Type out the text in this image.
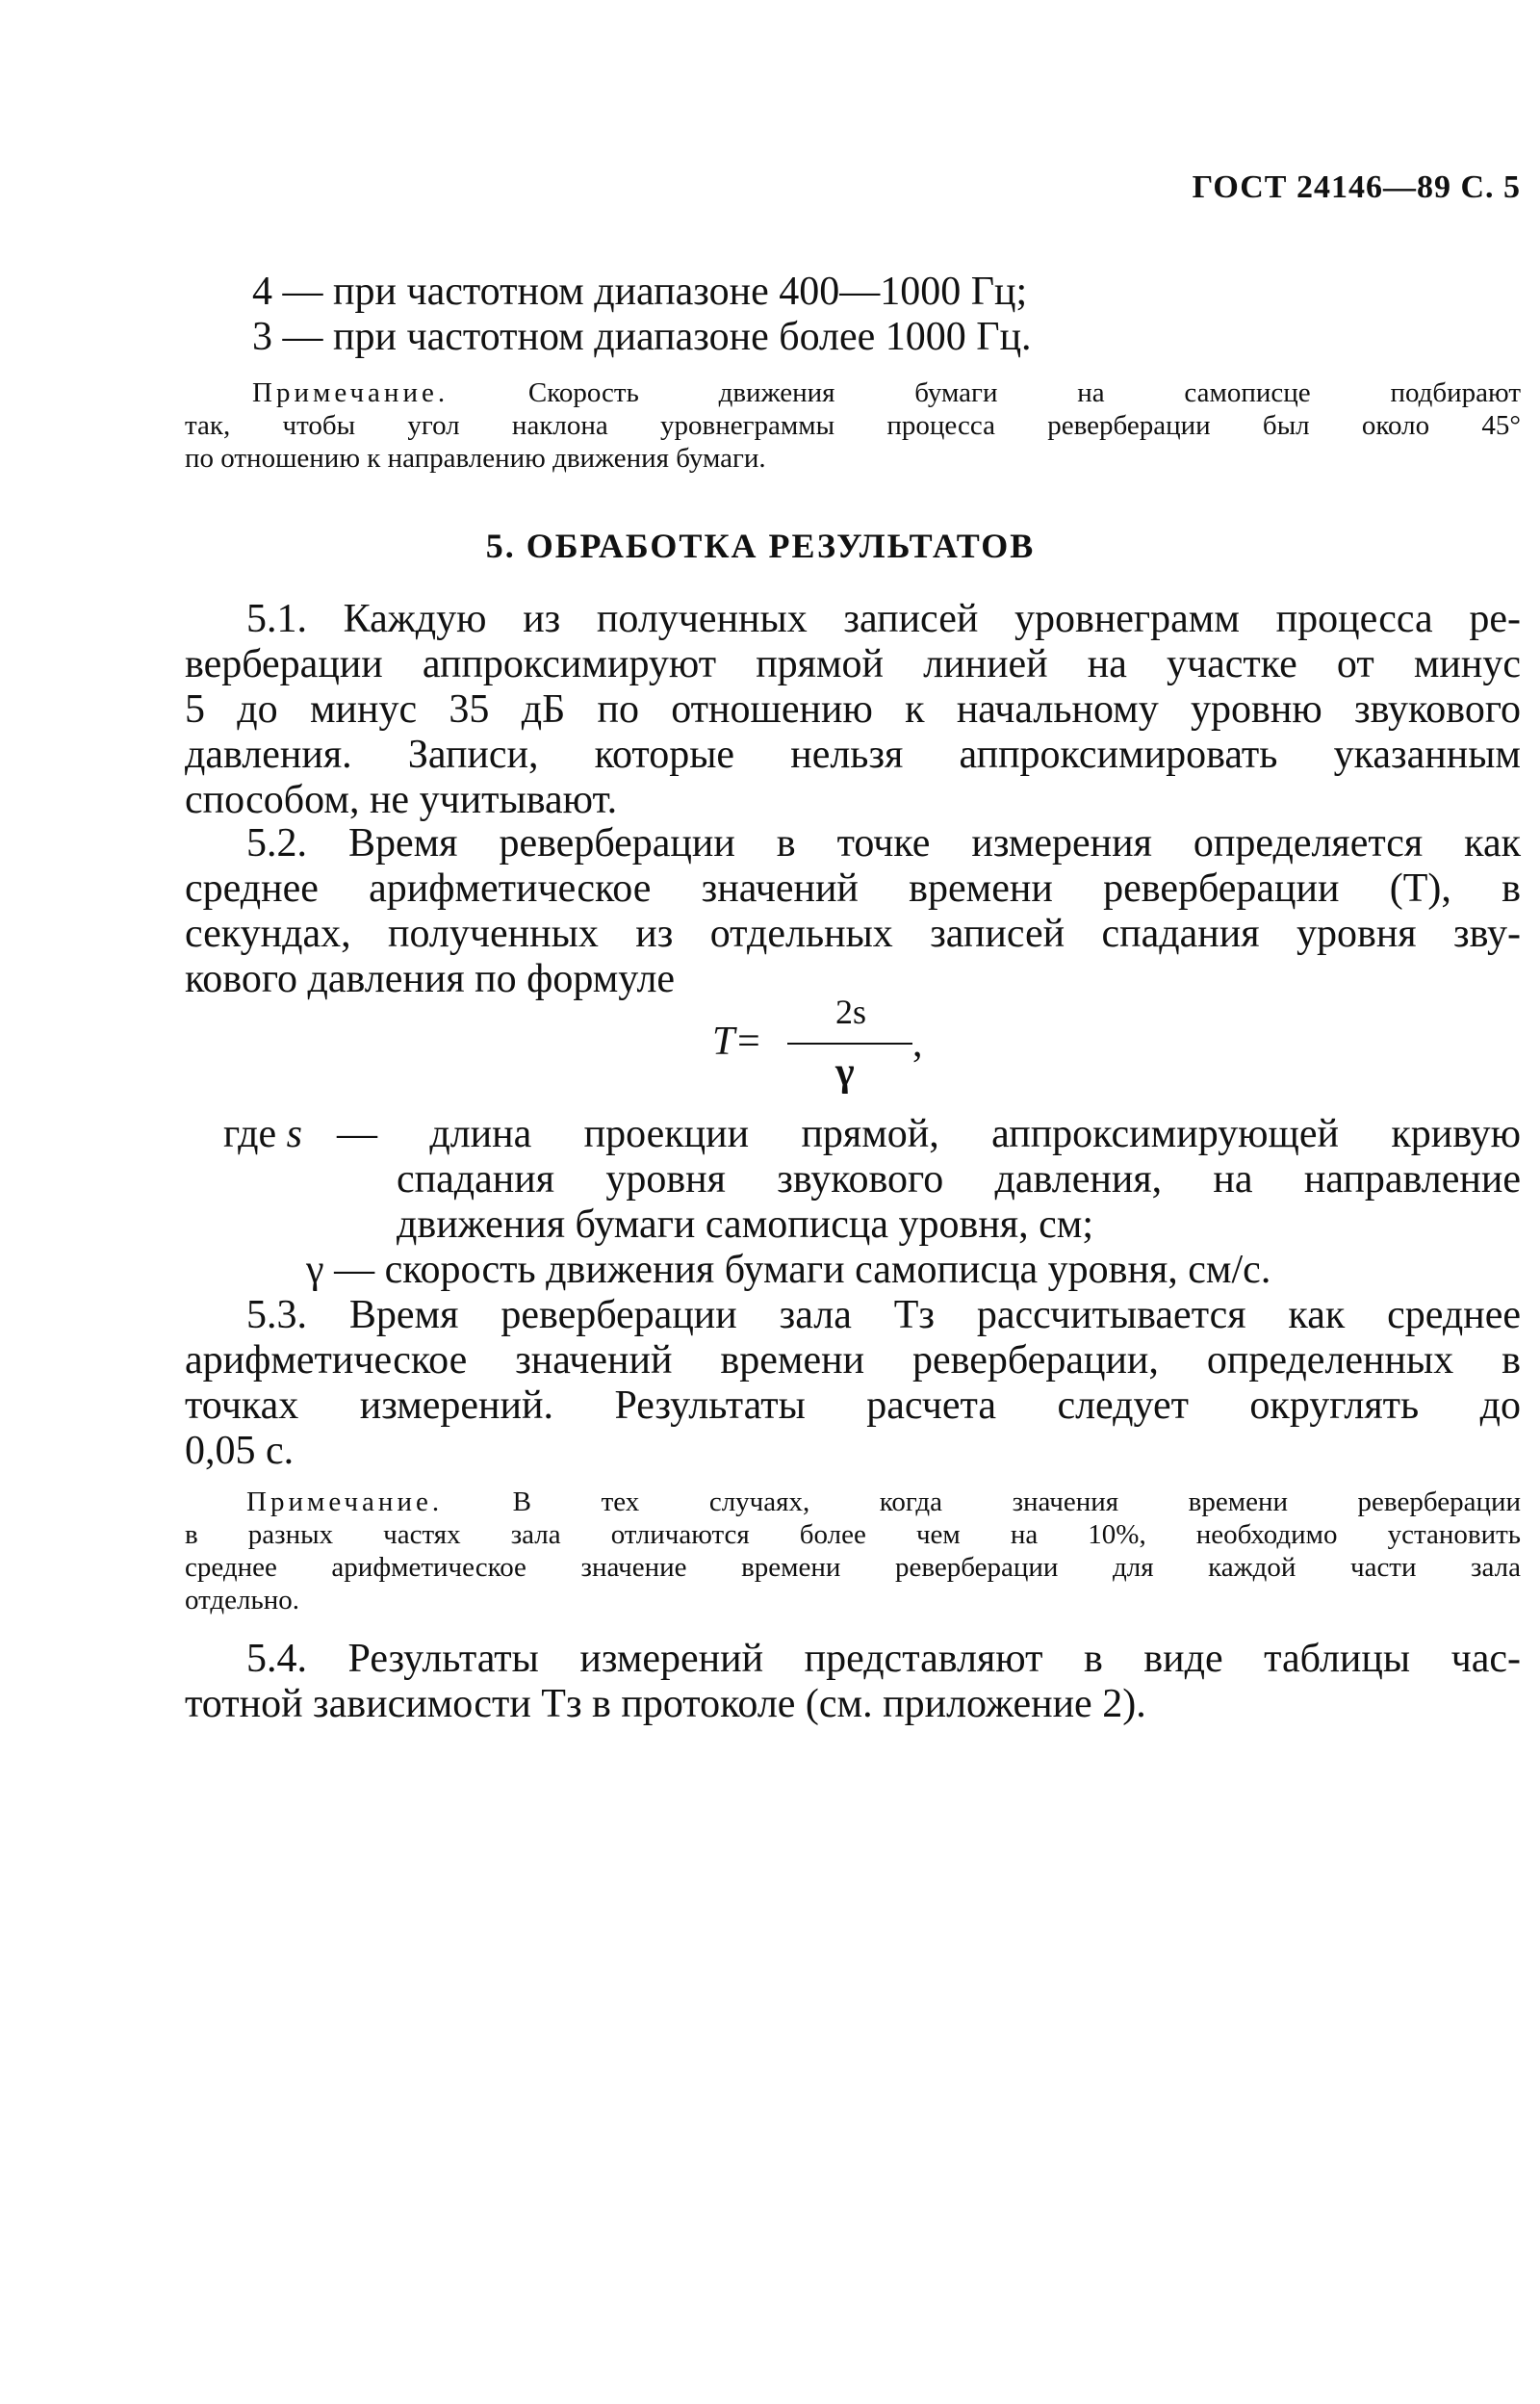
ГОСТ 24146—89 С. 5
4 — при частотном диапазоне 400—1000 Гц;
3 — при частотном диапазоне более 1000 Гц.
Примечание.	Скорость движения бумаги на самописце подбирают
так, чтобы угол наклона уровнеграммы процесса реверберации был около 45°
по отношению к направлению движения бумаги.
5. ОБРАБОТКА РЕЗУЛЬТАТОВ
5.1. Каждую из полученных записей уровнеграмм процесса ре-
верберации аппроксимируют прямой линией на участке от минус
5 до минус 35 дБ по отношению к начальному уровню звукового
давления. Записи, которые нельзя аппроксимировать указанным
способом, не учитывают.
5.2. Время реверберации в точке измерения определяется как
среднее арифметическое значений времени реверберации (T), в
секундах, полученных из отдельных записей спадания уровня зву-
кового давления по формуле
T=
2s
γ
,
где s — длина проекции прямой, аппроксимирующей кривую
спадания уровня звукового давления, на направление
движения бумаги самописца уровня, см;
γ — скорость движения бумаги самописца уровня, см/с.
5.3. Время реверберации зала Tз рассчитывается как среднее
арифметическое значений времени реверберации, определенных в
точках измерений. Результаты расчета следует округлять до
0,05 с.
Примечание.	В тех случаях, когда значения времени реверберации
в разных частях зала отличаются более чем на 10%, необходимо установить
среднее арифметическое значение времени реверберации для каждой части зала
отдельно.
5.4. Результаты измерений представляют в виде таблицы час-
тотной зависимости Tз в протоколе (см. приложение 2).
